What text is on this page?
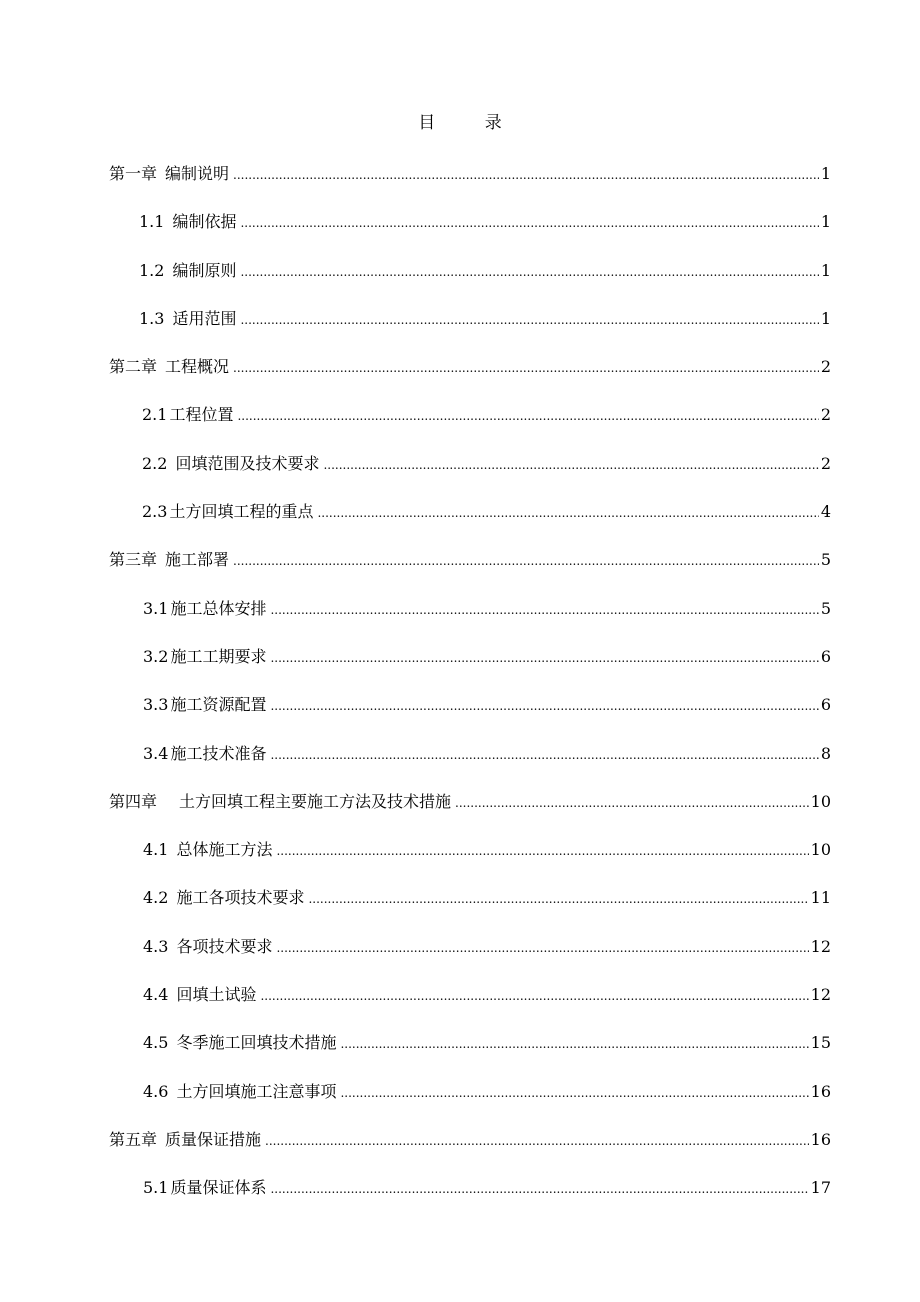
目 录
第一章 编制说明 .....	1
1.1 编制依据 .....	1
1.2 编制原则 .....	1
1.3 适用范围 .....	1
第二章 工程概况 .....	2
2.1 工程位置 .....	2
2.2 回填范围及技术要求 .....	2
2.3 土方回填工程的重点 .....	4
第三章 施工部署 .....	5
3.1 施工总体安排 .....	5
3.2 施工工期要求 .....	6
3.3 施工资源配置 .....	6
3.4 施工技术准备 .....	8
第四章 土方回填工程主要施工方法及技术措施 .....	10
4.1 总体施工方法 .....	10
4.2 施工各项技术要求 .....	11
4.3 各项技术要求 .....	12
4.4 回填土试验 .....	12
4.5 冬季施工回填技术措施 .....	15
4.6 土方回填施工注意事项 .....	16
第五章 质量保证措施 .....	16
5.1 质量保证体系 .....	17
